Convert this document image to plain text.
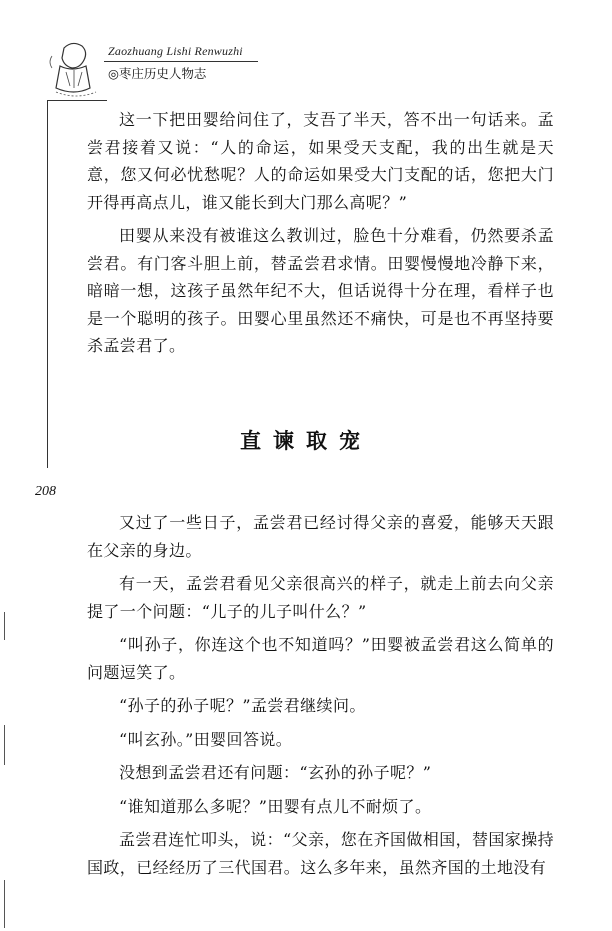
Zaozhuang Lishi Renwuzhi
◎枣庄历史人物志

这一下把田婴给问住了，支吾了半天，答不出一句话来。孟尝君接着又说：“人的命运，如果受天支配，我的出生就是天意，您又何必忧愁呢？人的命运如果受大门支配的话，您把大门开得再高点儿，谁又能长到大门那么高呢？”

田婴从来没有被谁这么教训过，脸色十分难看，仍然要杀孟尝君。有门客斗胆上前，替孟尝君求情。田婴慢慢地冷静下来，暗暗一想，这孩子虽然年纪不大，但话说得十分在理，看样子也是一个聪明的孩子。田婴心里虽然还不痛快，可是也不再坚持要杀孟尝君了。

直谏取宠
208

又过了一些日子，孟尝君已经讨得父亲的喜爱，能够天天跟在父亲的身边。

有一天，孟尝君看见父亲很高兴的样子，就走上前去向父亲提了一个问题：“儿子的儿子叫什么？”

“叫孙子，你连这个也不知道吗？”田婴被孟尝君这么简单的问题逗笑了。

“孙子的孙子呢？”孟尝君继续问。

“叫玄孙。”田婴回答说。

没想到孟尝君还有问题：“玄孙的孙子呢？”

“谁知道那么多呢？”田婴有点儿不耐烦了。

孟尝君连忙叩头，说：“父亲，您在齐国做相国，替国家操持国政，已经经历了三代国君。这么多年来，虽然齐国的土地没有
